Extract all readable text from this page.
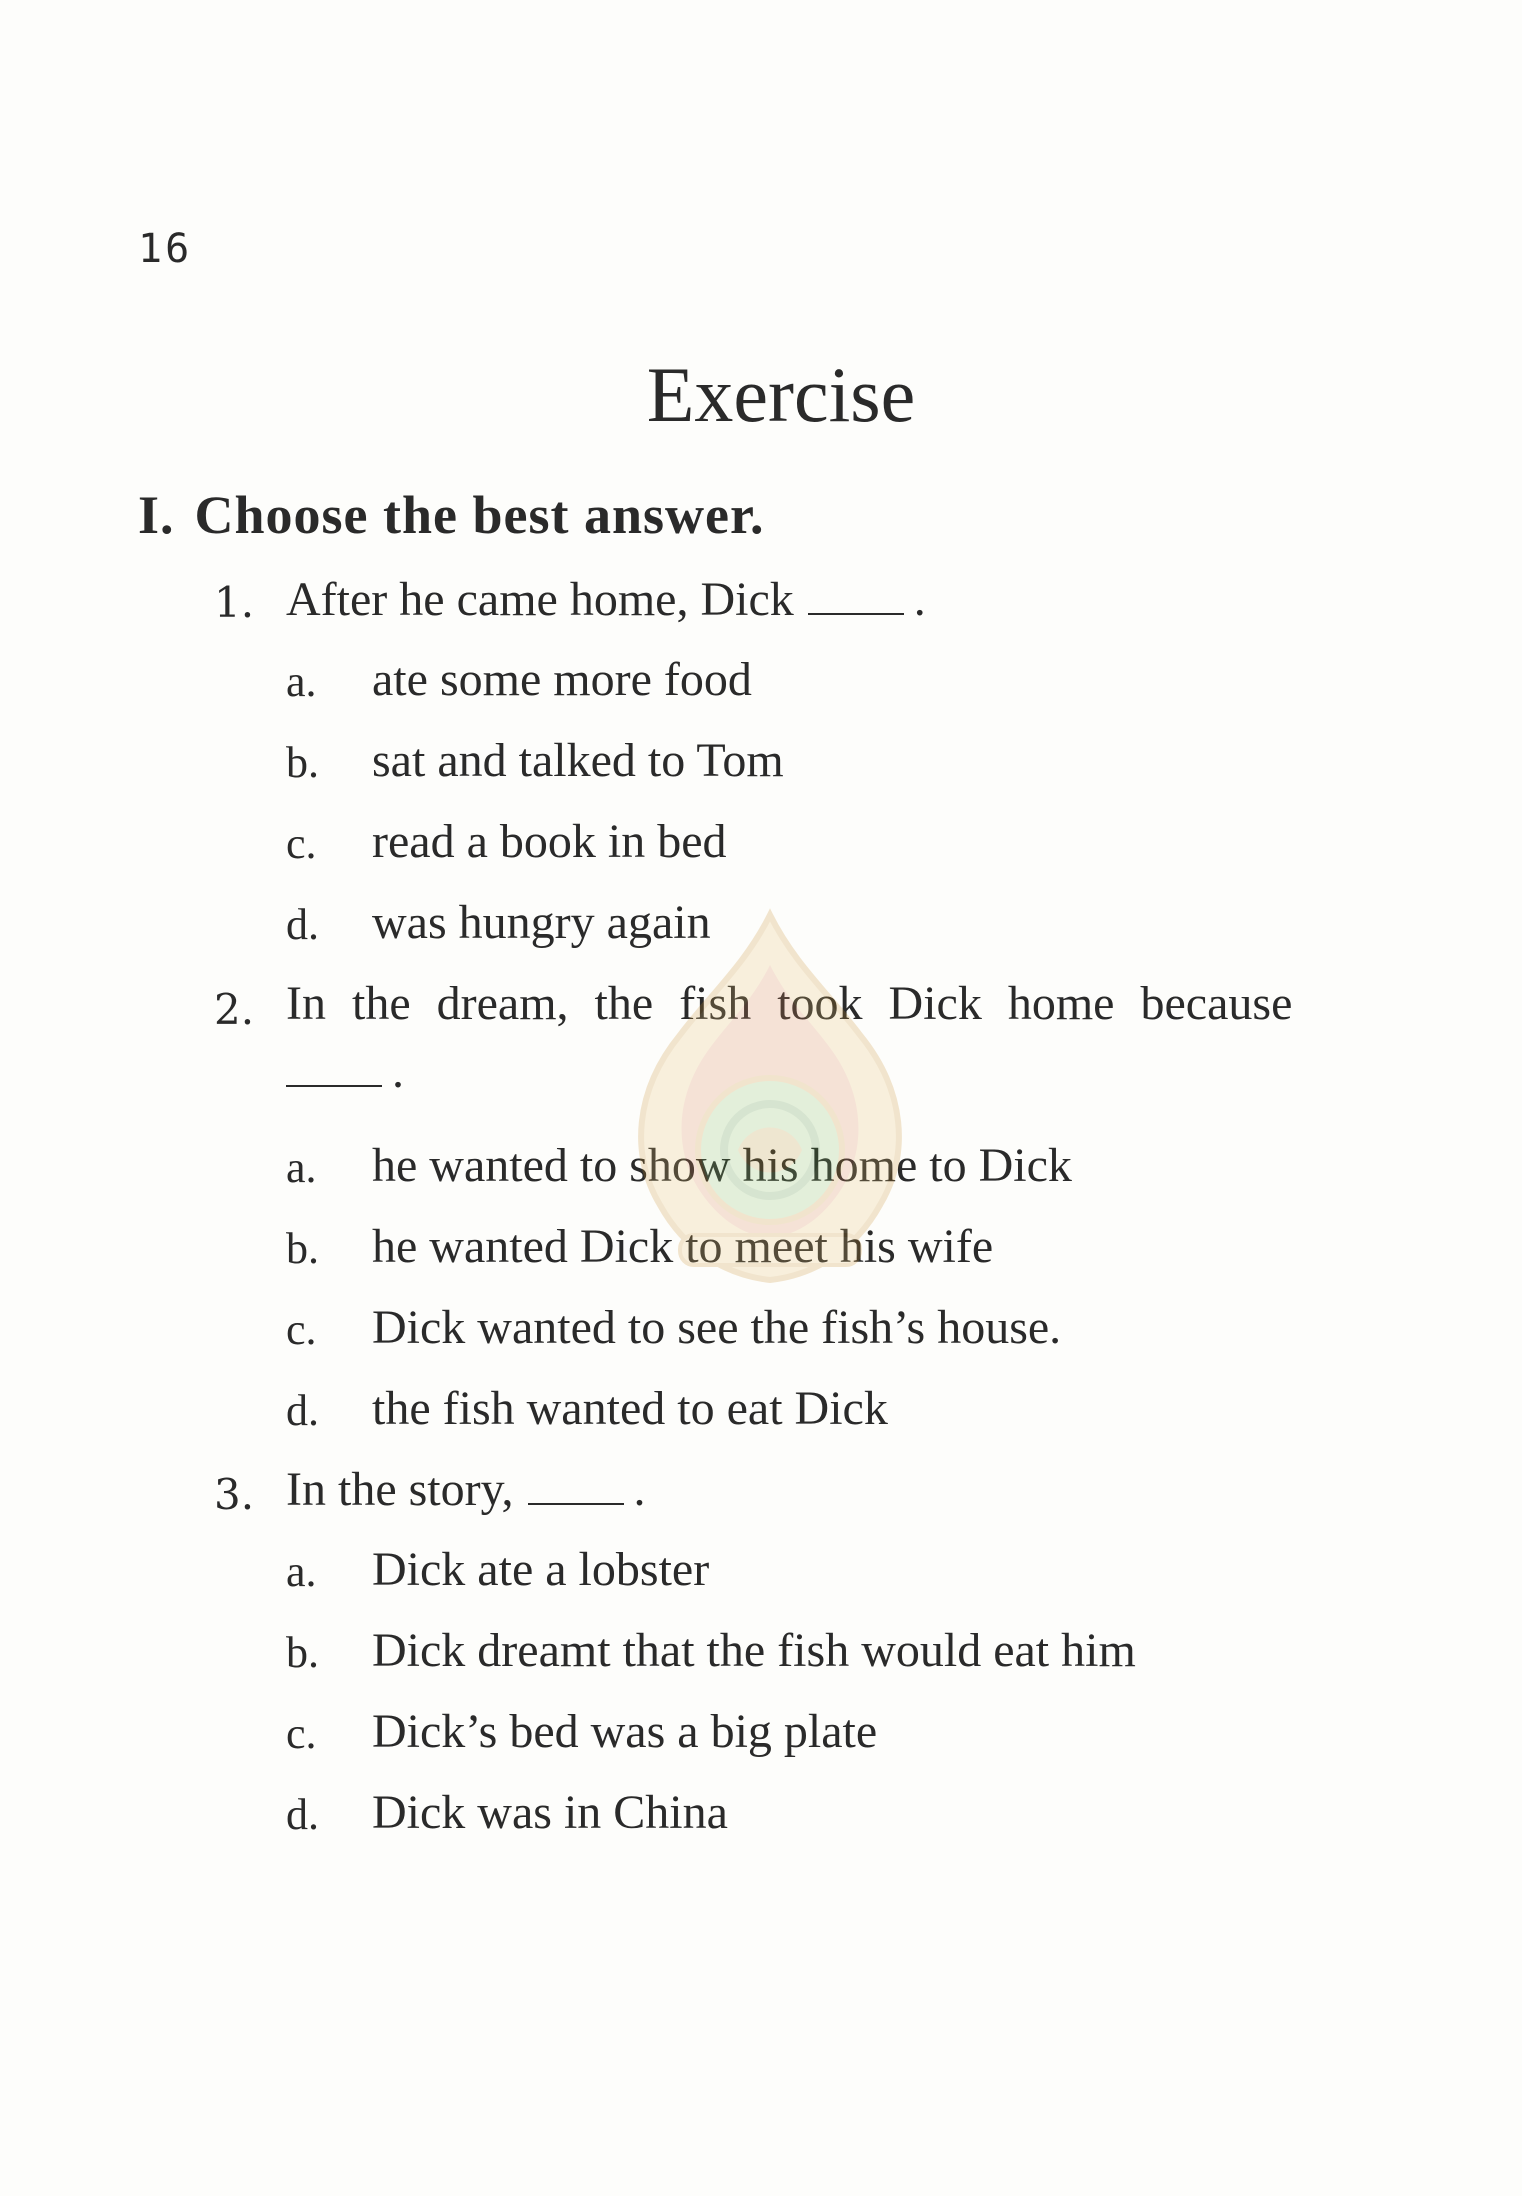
16
Exercise
I. Choose the best answer.
1. After he came home, Dick	.
a. ate some more food
b. sat and talked to Tom
c. read a book in bed
d. was hungry again
2. In the dream, the fish took Dick home because
.
a. he wanted to show his home to Dick
b. he wanted Dick to meet his wife
c. Dick wanted to see the fish’s house.
d. the fish wanted to eat Dick
3. In the story,	.
a. Dick ate a lobster
b. Dick dreamt that the fish would eat him
c. Dick’s bed was a big plate
d. Dick was in China
